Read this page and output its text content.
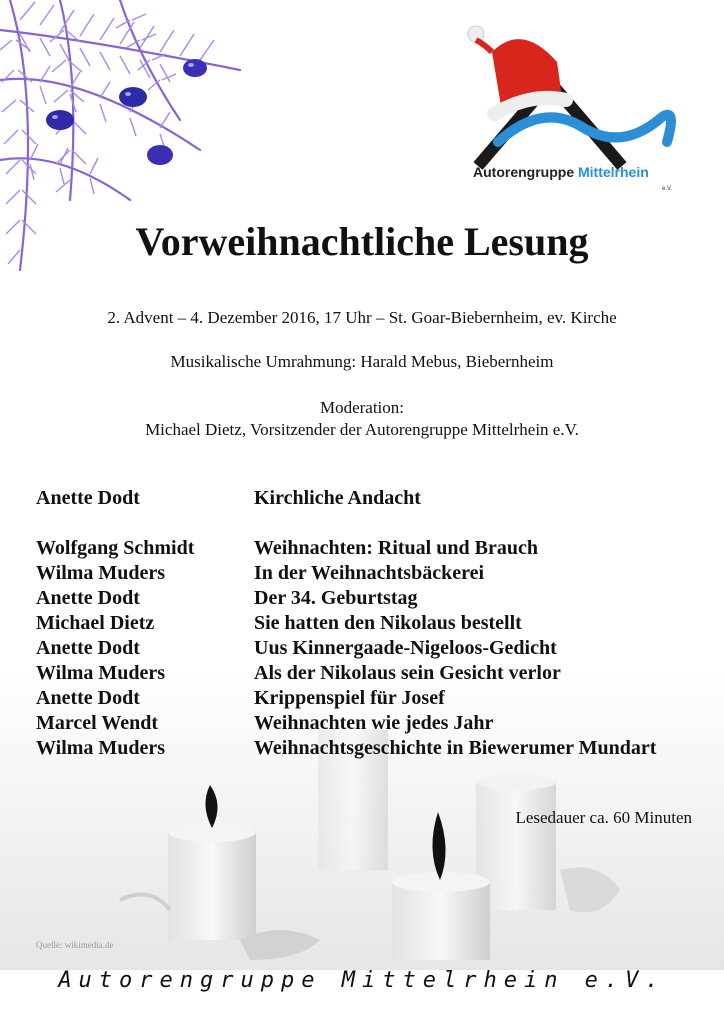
Autorengruppe Mittelrhein
e.V.
Vorweihnachtliche Lesung
2. Advent – 4. Dezember 2016, 17 Uhr – St. Goar-Biebernheim, ev. Kirche
Musikalische Umrahmung: Harald Mebus, Biebernheim
Moderation:
Michael Dietz, Vorsitzender der Autorengruppe Mittelrhein e.V.
Anette Dodt	Kirchliche Andacht
Wolfgang Schmidt	Weihnachten: Ritual und Brauch
Wilma Muders	In der Weihnachtsbäckerei
Anette Dodt	Der 34. Geburtstag
Michael Dietz	Sie hatten den Nikolaus bestellt
Anette Dodt	Uus Kinnergaade-Nigeloos-Gedicht
Wilma Muders	Als der Nikolaus sein Gesicht verlor
Anette Dodt	Krippenspiel für Josef
Marcel Wendt	Weihnachten wie jedes Jahr
Wilma Muders	Weihnachtsgeschichte in Biewerumer Mundart
Lesedauer ca. 60 Minuten
Quelle: wikimedia.de
Autorengruppe Mittelrhein e.V.
